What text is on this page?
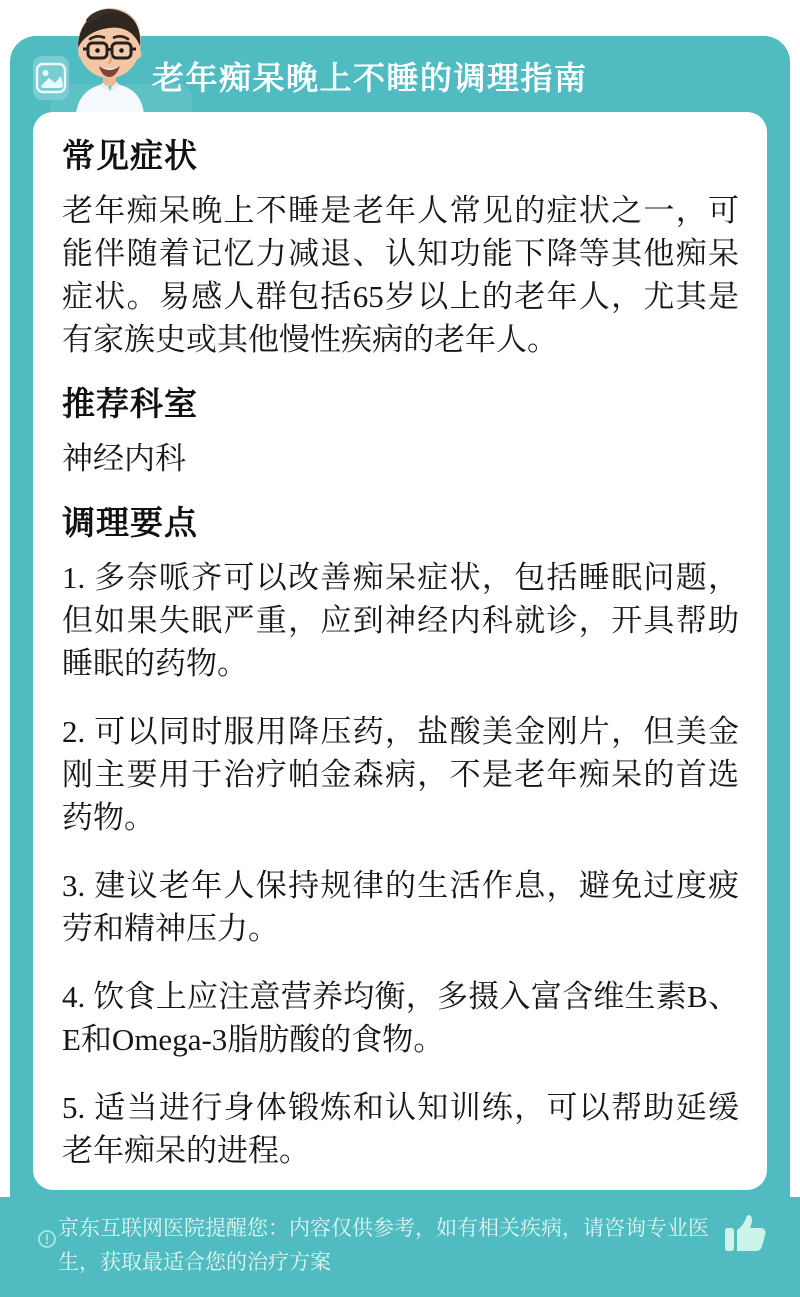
老年痴呆晚上不睡的调理指南
常见症状

老年痴呆晚上不睡是老年人常见的症状之一，可能伴随着记忆力减退、认知功能下降等其他痴呆症状。易感人群包括65岁以上的老年人，尤其是有家族史或其他慢性疾病的老年人。

推荐科室

神经内科

调理要点

1. 多奈哌齐可以改善痴呆症状，包括睡眠问题，但如果失眠严重，应到神经内科就诊，开具帮助睡眠的药物。

2. 可以同时服用降压药，盐酸美金刚片，但美金刚主要用于治疗帕金森病，不是老年痴呆的首选药物。

3. 建议老年人保持规律的生活作息，避免过度疲劳和精神压力。

4. 饮食上应注意营养均衡，多摄入富含维生素B、E和Omega-3脂肪酸的食物。

5. 适当进行身体锻炼和认知训练，可以帮助延缓老年痴呆的进程。

京东互联网医院提醒您：内容仅供参考，如有相关疾病，请咨询专业医生，获取最适合您的治疗方案
